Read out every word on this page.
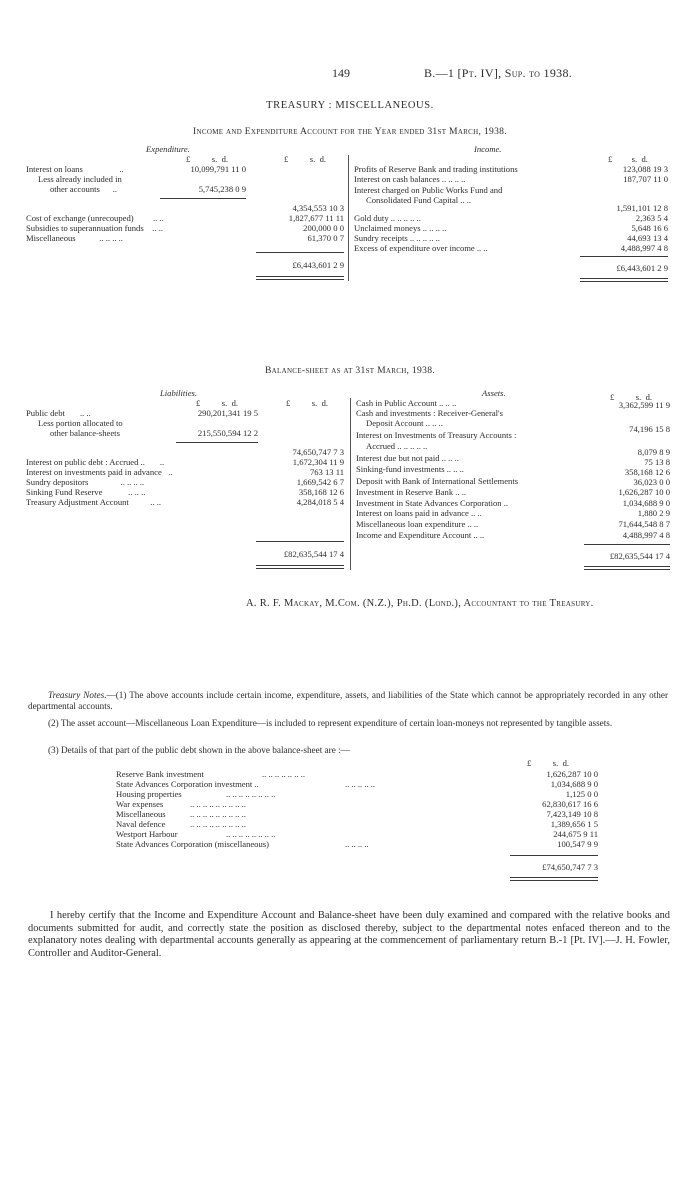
149	B.—1 [Pt. IV], Sup. to 1938.
TREASURY : MISCELLANEOUS.
Income and Expenditure Account for the Year ended 31st March, 1938.
Expenditure.	Income.
£ s. d.	£ s. d.	£ s. d.
Interest on loans	..	10,099,791 11 0
Less already included in
other accounts ..	5,745,238 0 9
4,354,553 10 3
Cost of exchange (unrecouped) .. ..	1,827,677 11 11
Subsidies to superannuation funds .. ..	200,000 0 0
Miscellaneous	.. .. .. ..	61,370 0 7
£6,443,601 2 9
Profits of Reserve Bank and trading institutions	123,088 19 3
Interest on cash balances .. .. .. ..	187,707 11 0
Interest charged on Public Works Fund and
Consolidated Fund Capital .. ..
1,591,101 12 8
Gold duty .. .. .. .. ..	2,363 5 4
Unclaimed moneys .. .. .. ..	5,648 16 6
Sundry receipts .. .. .. .. ..	44,693 13 4
Excess of expenditure over income .. ..	4,488,997 4 8
£6,443,601 2 9
Balance-sheet as at 31st March, 1938.
Liabilities.	Assets.
£ s. d.	£ s. d.
£ s. d.
Public debt .. ..	290,201,341 19 5
Less portion allocated to
other balance-sheets	215,550,594 12 2
74,650,747 7 3
Interest on public debt : Accrued .. ..	1,672,304 11 9
Interest on investments paid in advance ..	763 13 11
Sundry depositors	.. .. .. ..	1,669,542 6 7
Sinking Fund Reserve	.. .. ..	358,168 12 6
Treasury Adjustment Account .. ..	4,284,018 5 4
£82,635,544 17 4
Cash in Public Account .. .. ..	3,362,599 11 9
Cash and investments : Receiver-General's
Deposit Account .. .. ..
74,196 15 8
Interest on Investments of Treasury Accounts :
Accrued .. .. .. .. ..
8,079 8 9
Interest due but not paid .. .. ..	75 13 8
Sinking-fund investments .. .. ..	358,168 12 6
Deposit with Bank of International Settlements	36,023 0 0
Investment in Reserve Bank .. ..	1,626,287 10 0
Investment in State Advances Corporation ..	1,034,688 9 0
Interest on loans paid in advance .. ..	1,880 2 9
Miscellaneous loan expenditure .. ..	71,644,548 8 7
Income and Expenditure Account .. ..	4,488,997 4 8
£82,635,544 17 4
A. R. F. Mackay, M.Com. (N.Z.), Ph.D. (Lond.), Accountant to the Treasury.
Treasury Notes.—(1) The above accounts include certain income, expenditure, assets, and liabilities of the State which cannot be appropriately recorded in any other departmental accounts.
(2) The asset account—Miscellaneous Loan Expenditure—is included to represent expenditure of certain loan-moneys not represented by tangible assets.
(3) Details of that part of the public debt shown in the above balance-sheet are :—
£ s. d.
Reserve Bank investment	.. .. .. .. .. .. ..	1,626,287 10 0
State Advances Corporation investment ..	.. .. .. .. ..	1,034,688 9 0
Housing properties	.. .. .. .. .. .. .. ..	1,125 0 0
War expenses	.. .. .. .. .. .. .. .. ..	62,830,617 16 6
Miscellaneous	.. .. .. .. .. .. .. .. ..	7,423,149 10 8
Naval defence	.. .. .. .. .. .. .. .. ..	1,389,656 1 5
Westport Harbour	.. .. .. .. .. .. .. ..	244,675 9 11
State Advances Corporation (miscellaneous)	.. .. .. ..	100,547 9 9
£74,650,747 7 3
I hereby certify that the Income and Expenditure Account and Balance-sheet have been duly examined and compared with the relative books and documents submitted for audit, and correctly state the position as disclosed thereby, subject to the departmental notes enfaced thereon and to the explanatory notes dealing with departmental accounts generally as appearing at the commencement of parliamentary return B.-1 [Pt. IV].—J. H. Fowler, Controller and Auditor-General.
